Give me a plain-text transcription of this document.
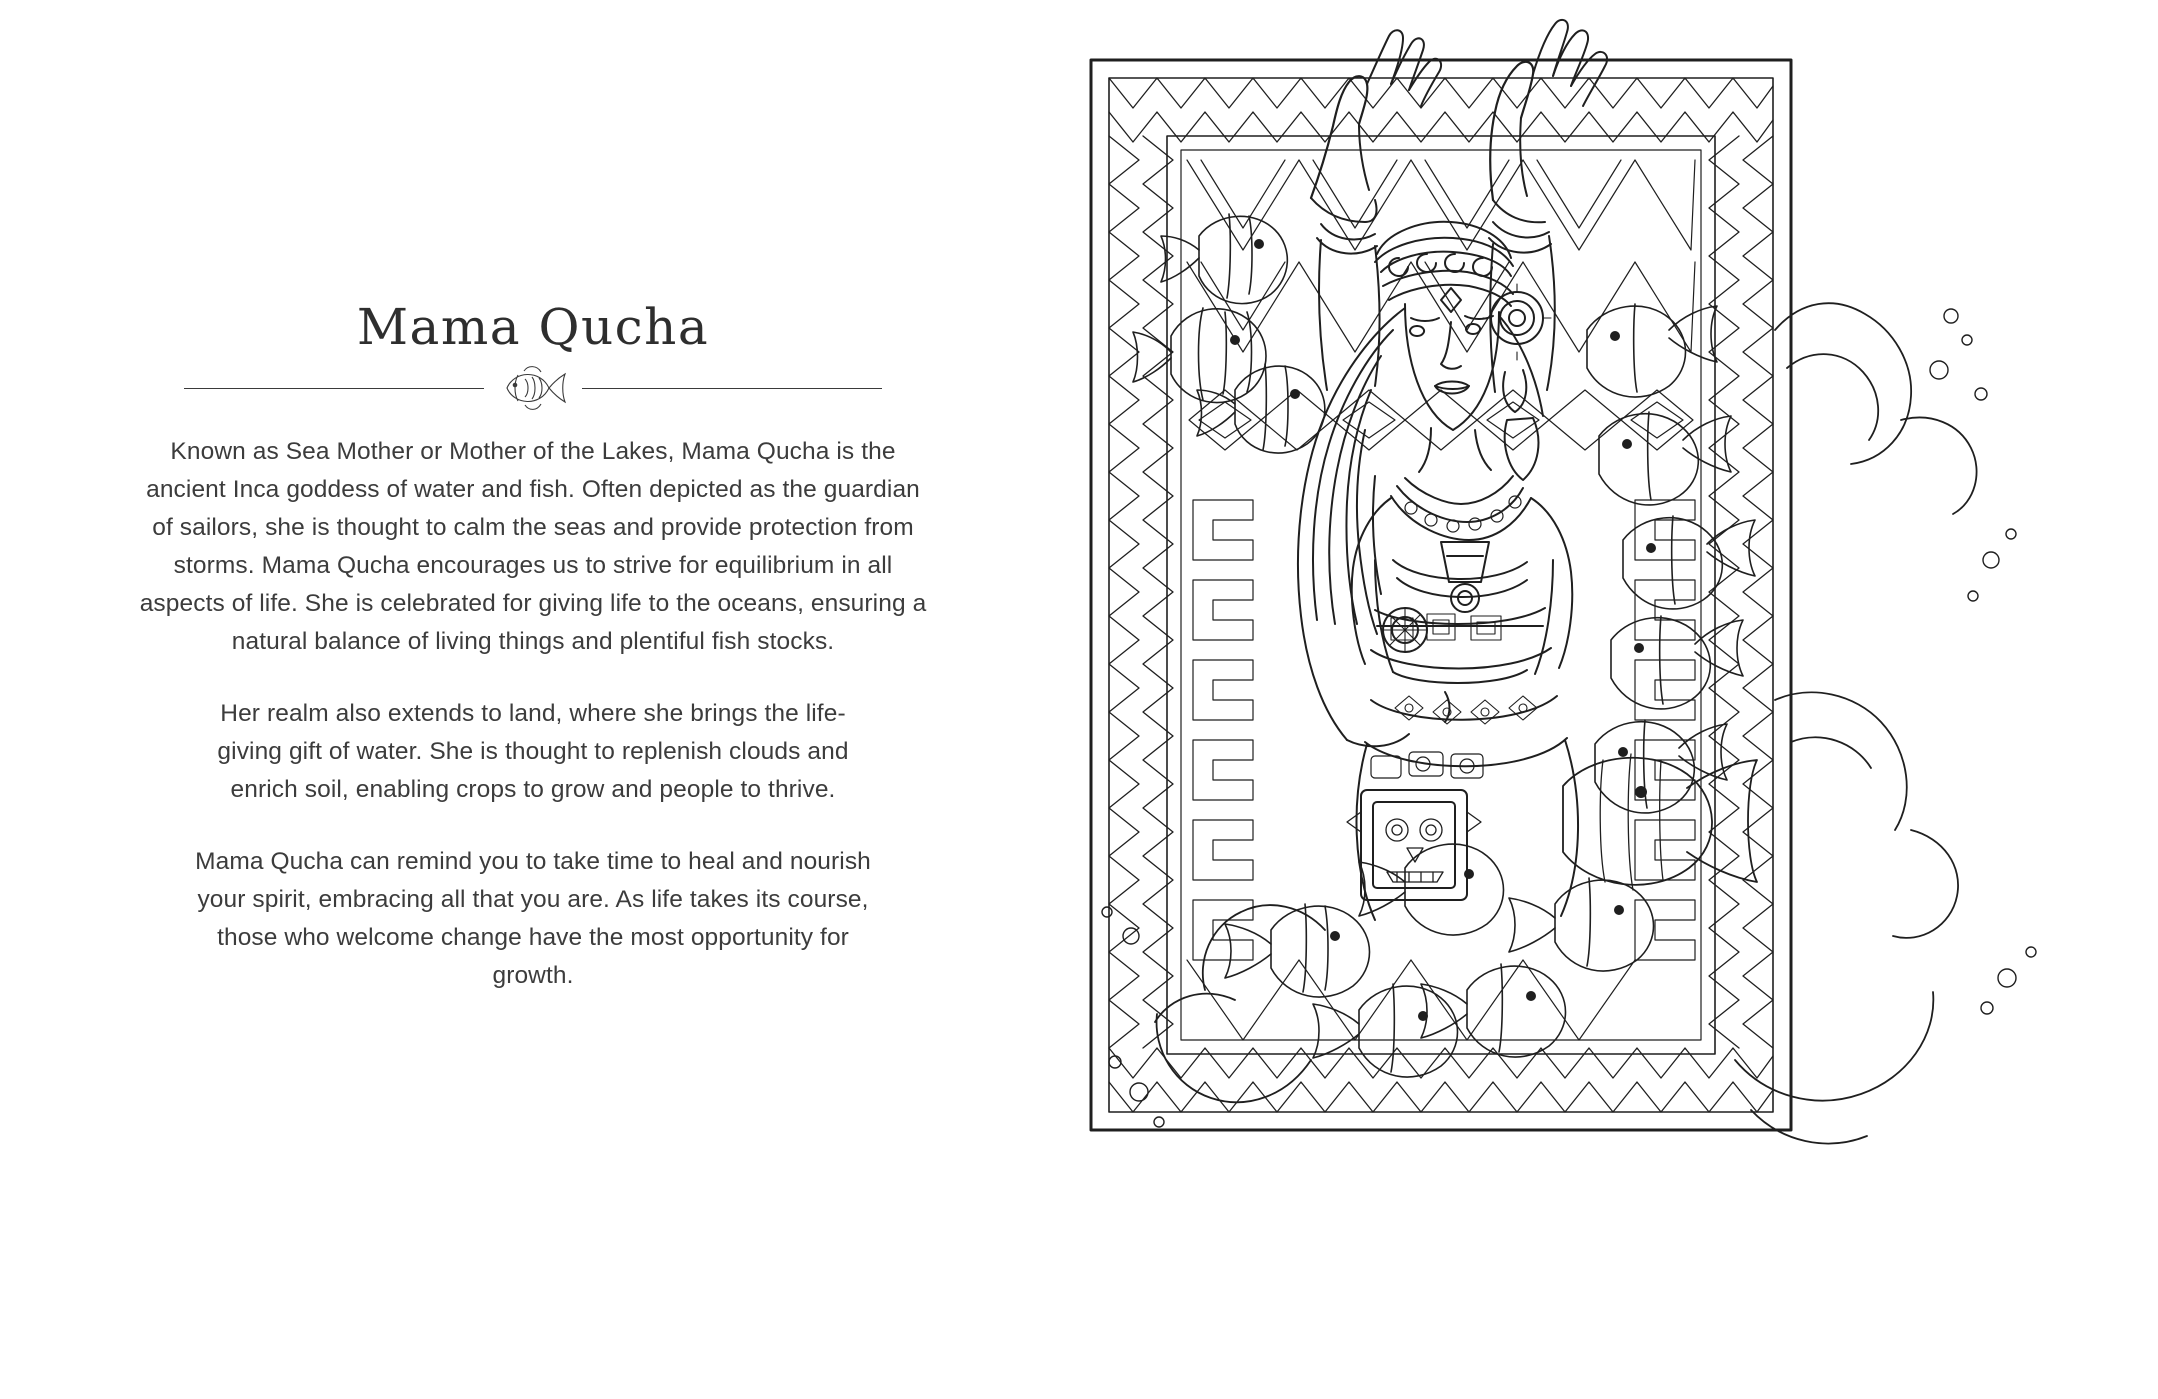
Mama Qucha

Known as Sea Mother or Mother of the Lakes, Mama Qucha is the ancient Inca goddess of water and fish. Often depicted as the guardian of sailors, she is thought to calm the seas and provide protection from storms. Mama Qucha encourages us to strive for equilibrium in all aspects of life. She is celebrated for giving life to the oceans, ensuring a natural balance of living things and plentiful fish stocks.

Her realm also extends to land, where she brings the life-giving gift of water. She is thought to replenish clouds and enrich soil, enabling crops to grow and people to thrive.

Mama Qucha can remind you to take time to heal and nourish your spirit, embracing all that you are. As life takes its course, those who welcome change have the most opportunity for growth.
